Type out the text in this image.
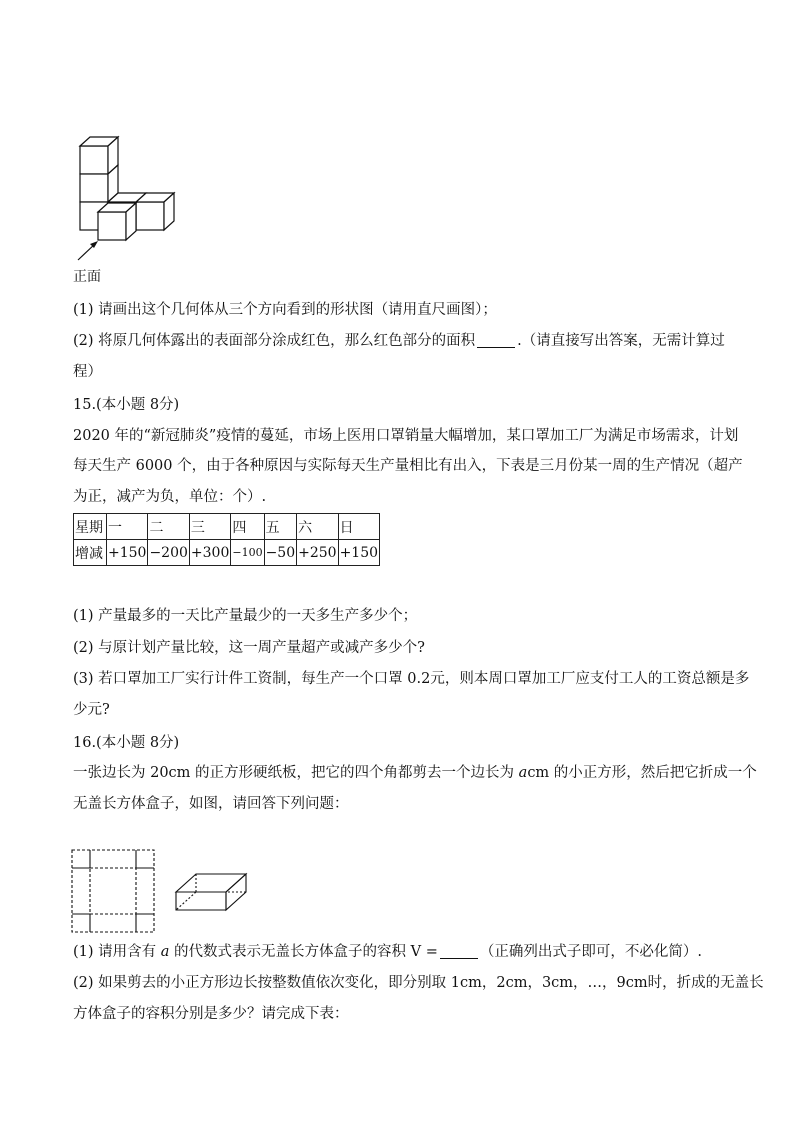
正面
(1) 请画出这个几何体从三个方向看到的形状图（请用直尺画图）；
(2) 将原几何体露出的表面部分涂成红色，那么红色部分的面积	.（请直接写出答案，无需计算过
程）
15.(本小题 8分)
2020 年的“新冠肺炎”疫情的蔓延，市场上医用口罩销量大幅增加，某口罩加工厂为满足市场需求，计划
每天生产 6000 个，由于各种原因与实际每天生产量相比有出入，下表是三月份某一周的生产情况（超产
为正，减产为负，单位：个）.
星期	一	二	三	四	五	六	日
增减	+150	−200	+300	−100	−50	+250	+150
(1) 产量最多的一天比产量最少的一天多生产多少个；
(2) 与原计划产量比较，这一周产量超产或减产多少个?
(3) 若口罩加工厂实行计件工资制，每生产一个口罩 0.2元，则本周口罩加工厂应支付工人的工资总额是多
少元?
16.(本小题 8分)
一张边长为 20cm 的正方形硬纸板，把它的四个角都剪去一个边长为 acm 的小正方形，然后把它折成一个
无盖长方体盒子，如图，请回答下列问题：
(1) 请用含有 a 的代数式表示无盖长方体盒子的容积 V =	（正确列出式子即可，不必化简）.
(2) 如果剪去的小正方形边长按整数值依次变化，即分别取 1cm，2cm，3cm，…，9cm时，折成的无盖长
方体盒子的容积分别是多少？请完成下表：
